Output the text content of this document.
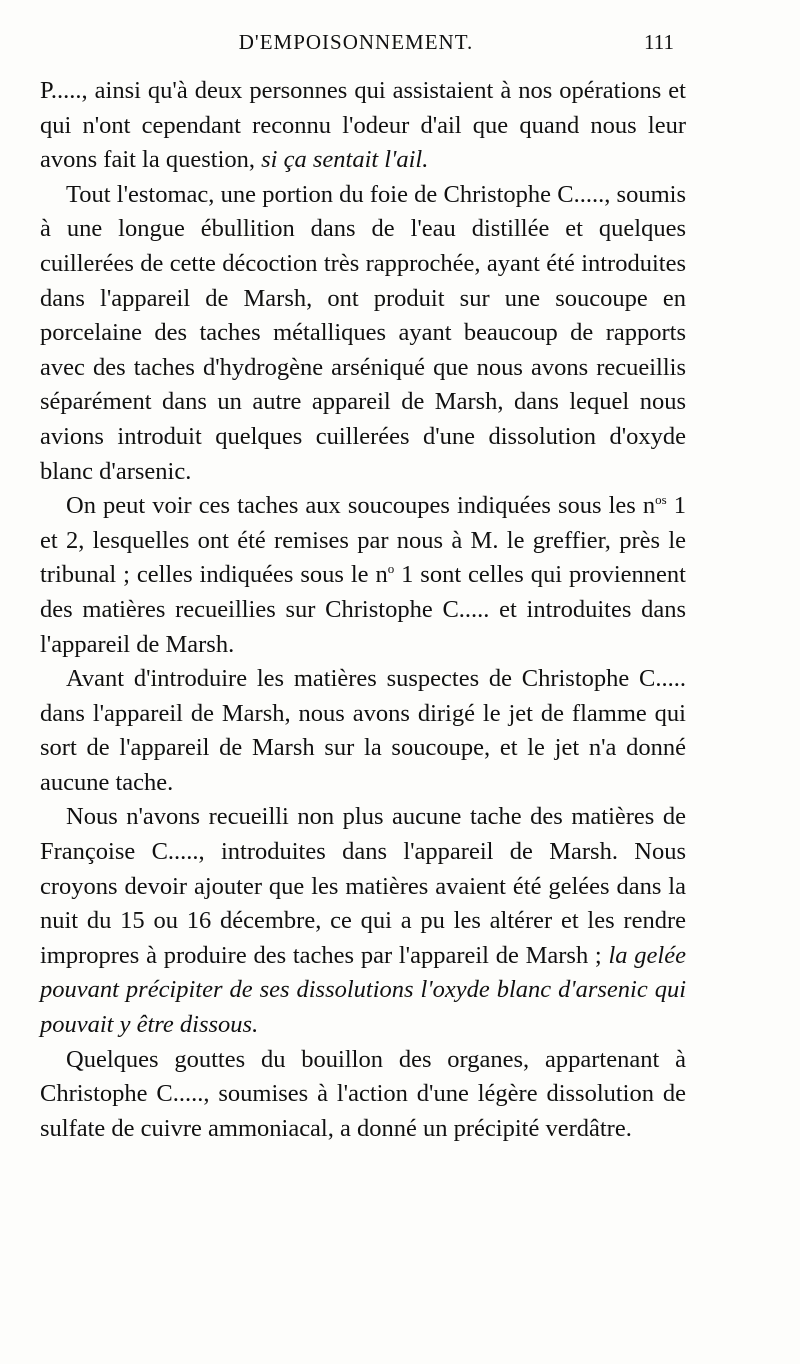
D'EMPOISONNEMENT.	111

P....., ainsi qu'à deux personnes qui assistaient à nos opérations et qui n'ont cependant reconnu l'odeur d'ail que quand nous leur avons fait la question, si ça sentait l'ail.

Tout l'estomac, une portion du foie de Christophe C....., soumis à une longue ébullition dans de l'eau distillée et quelques cuillerées de cette décoction très rapprochée, ayant été introduites dans l'appareil de Marsh, ont produit sur une soucoupe en porcelaine des taches métalliques ayant beaucoup de rapports avec des taches d'hydrogène arséniqué que nous avons recueillis séparément dans un autre appareil de Marsh, dans lequel nous avions introduit quelques cuillerées d'une dissolution d'oxyde blanc d'arsenic.

On peut voir ces taches aux soucoupes indiquées sous les $n^{os}$ 1 et 2, lesquelles ont été remises par nous à M. le greffier, près le tribunal ; celles indiquées sous le $n^o$ 1 sont celles qui proviennent des matières recueillies sur Christophe C..... et introduites dans l'appareil de Marsh.

Avant d'introduire les matières suspectes de Christophe C..... dans l'appareil de Marsh, nous avons dirigé le jet de flamme qui sort de l'appareil de Marsh sur la soucoupe, et le jet n'a donné aucune tache.

Nous n'avons recueilli non plus aucune tache des matières de Françoise C....., introduites dans l'appareil de Marsh. Nous croyons devoir ajouter que les matières avaient été gelées dans la nuit du 15 ou 16 décembre, ce qui a pu les altérer et les rendre impropres à produire des taches par l'appareil de Marsh ; la gelée pouvant précipiter de ses dissolutions l'oxyde blanc d'arsenic qui pouvait y être dissous.

Quelques gouttes du bouillon des organes, appartenant à Christophe C....., soumises à l'action d'une légère dissolution de sulfate de cuivre ammoniacal, a donné un précipité verdâtre.
